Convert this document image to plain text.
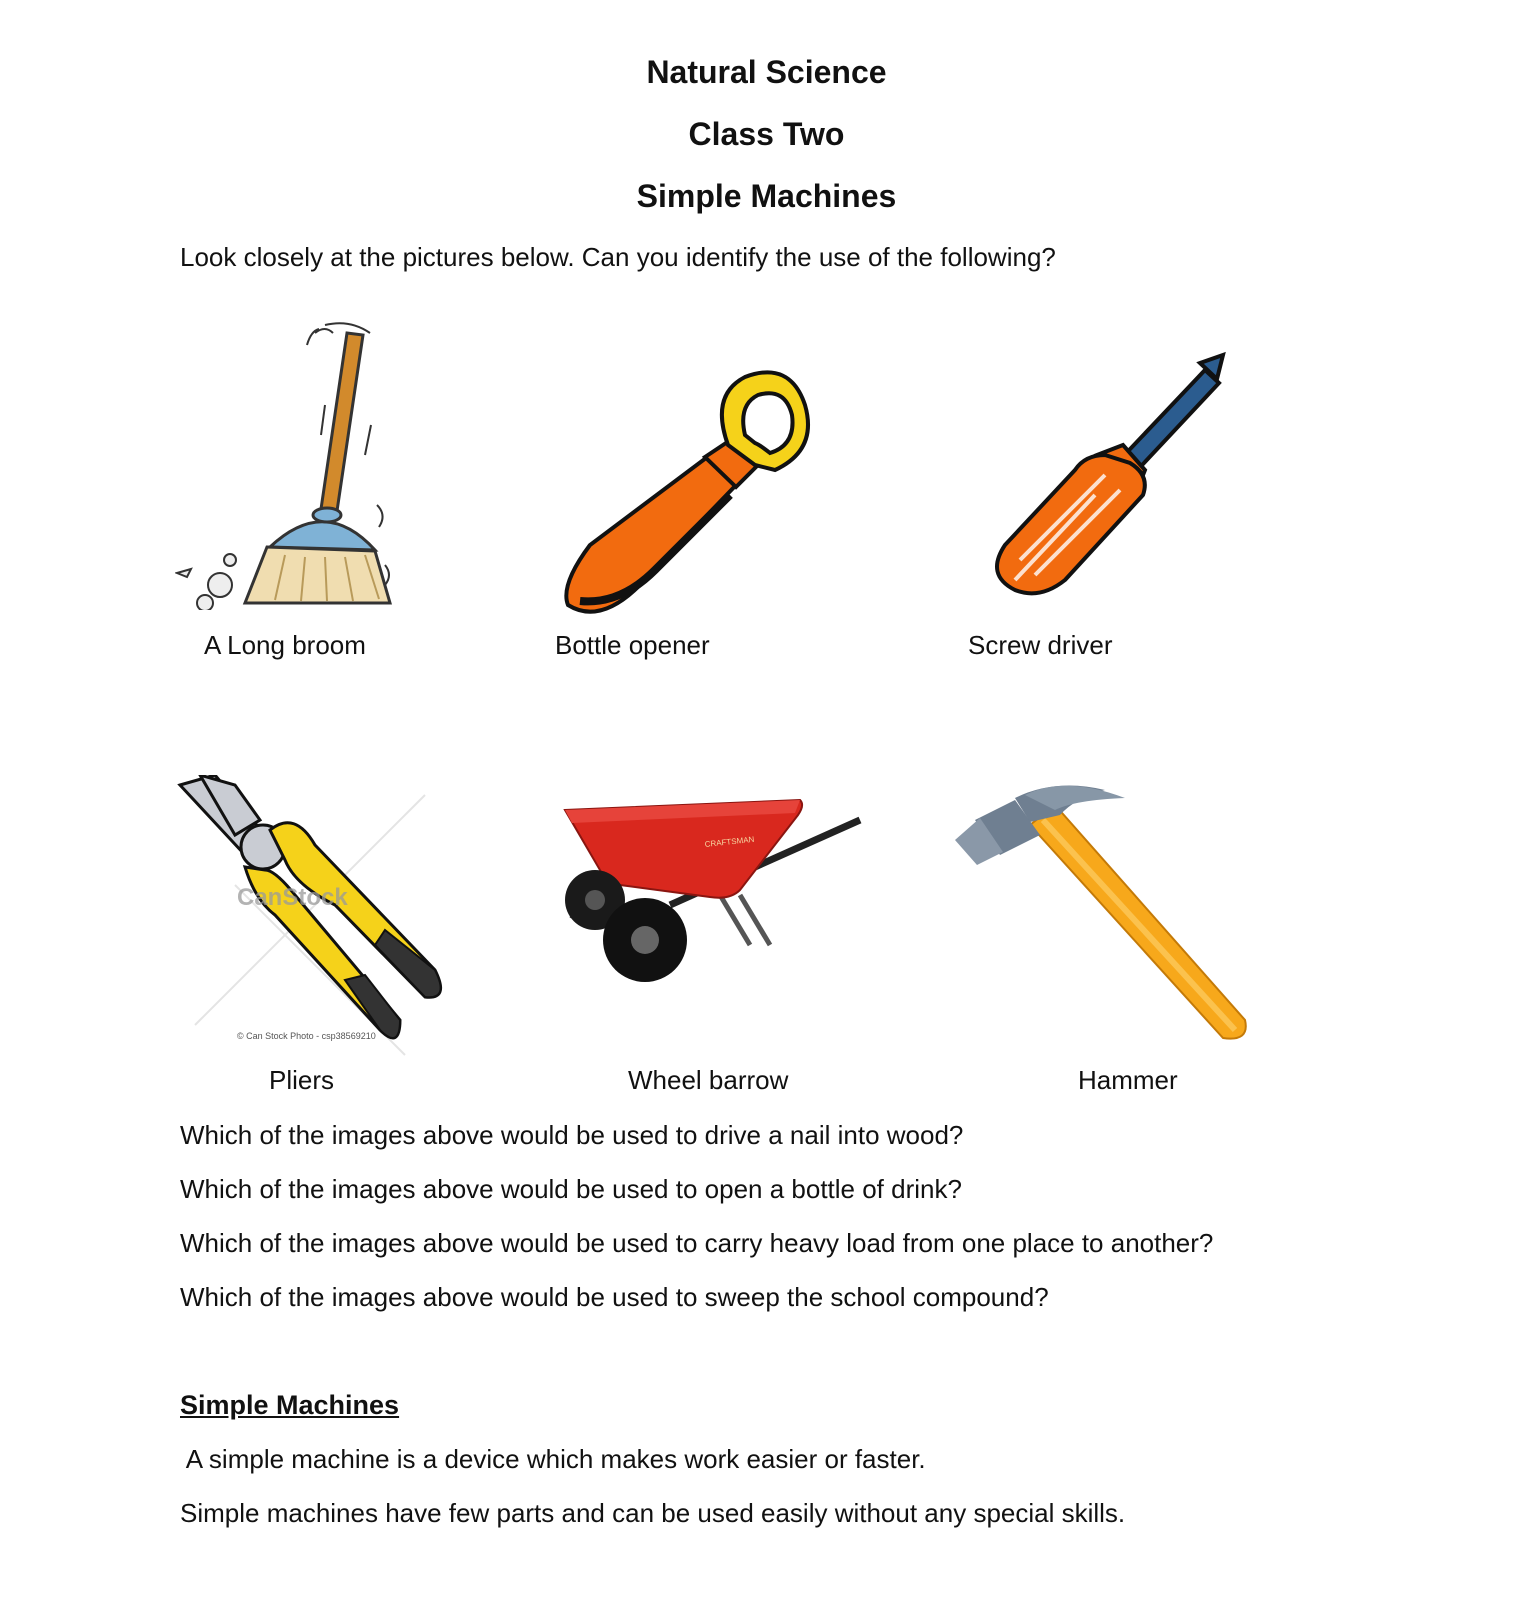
Natural Science
Class Two
Simple Machines
Look closely at the pictures below. Can you identify the use of the following?
A Long broom	Bottle opener	Screw driver
CanStock
© Can Stock Photo - csp38569210
CRAFTSMAN
Pliers	Wheel barrow	Hammer
Which of the images above would be used to drive a nail into wood?
Which of the images above would be used to open a bottle of drink?
Which of the images above would be used to carry heavy load from one place to another?
Which of the images above would be used to sweep the school compound?
Simple Machines
A simple machine is a device which makes work easier or faster.
Simple machines have few parts and can be used easily without any special skills.
